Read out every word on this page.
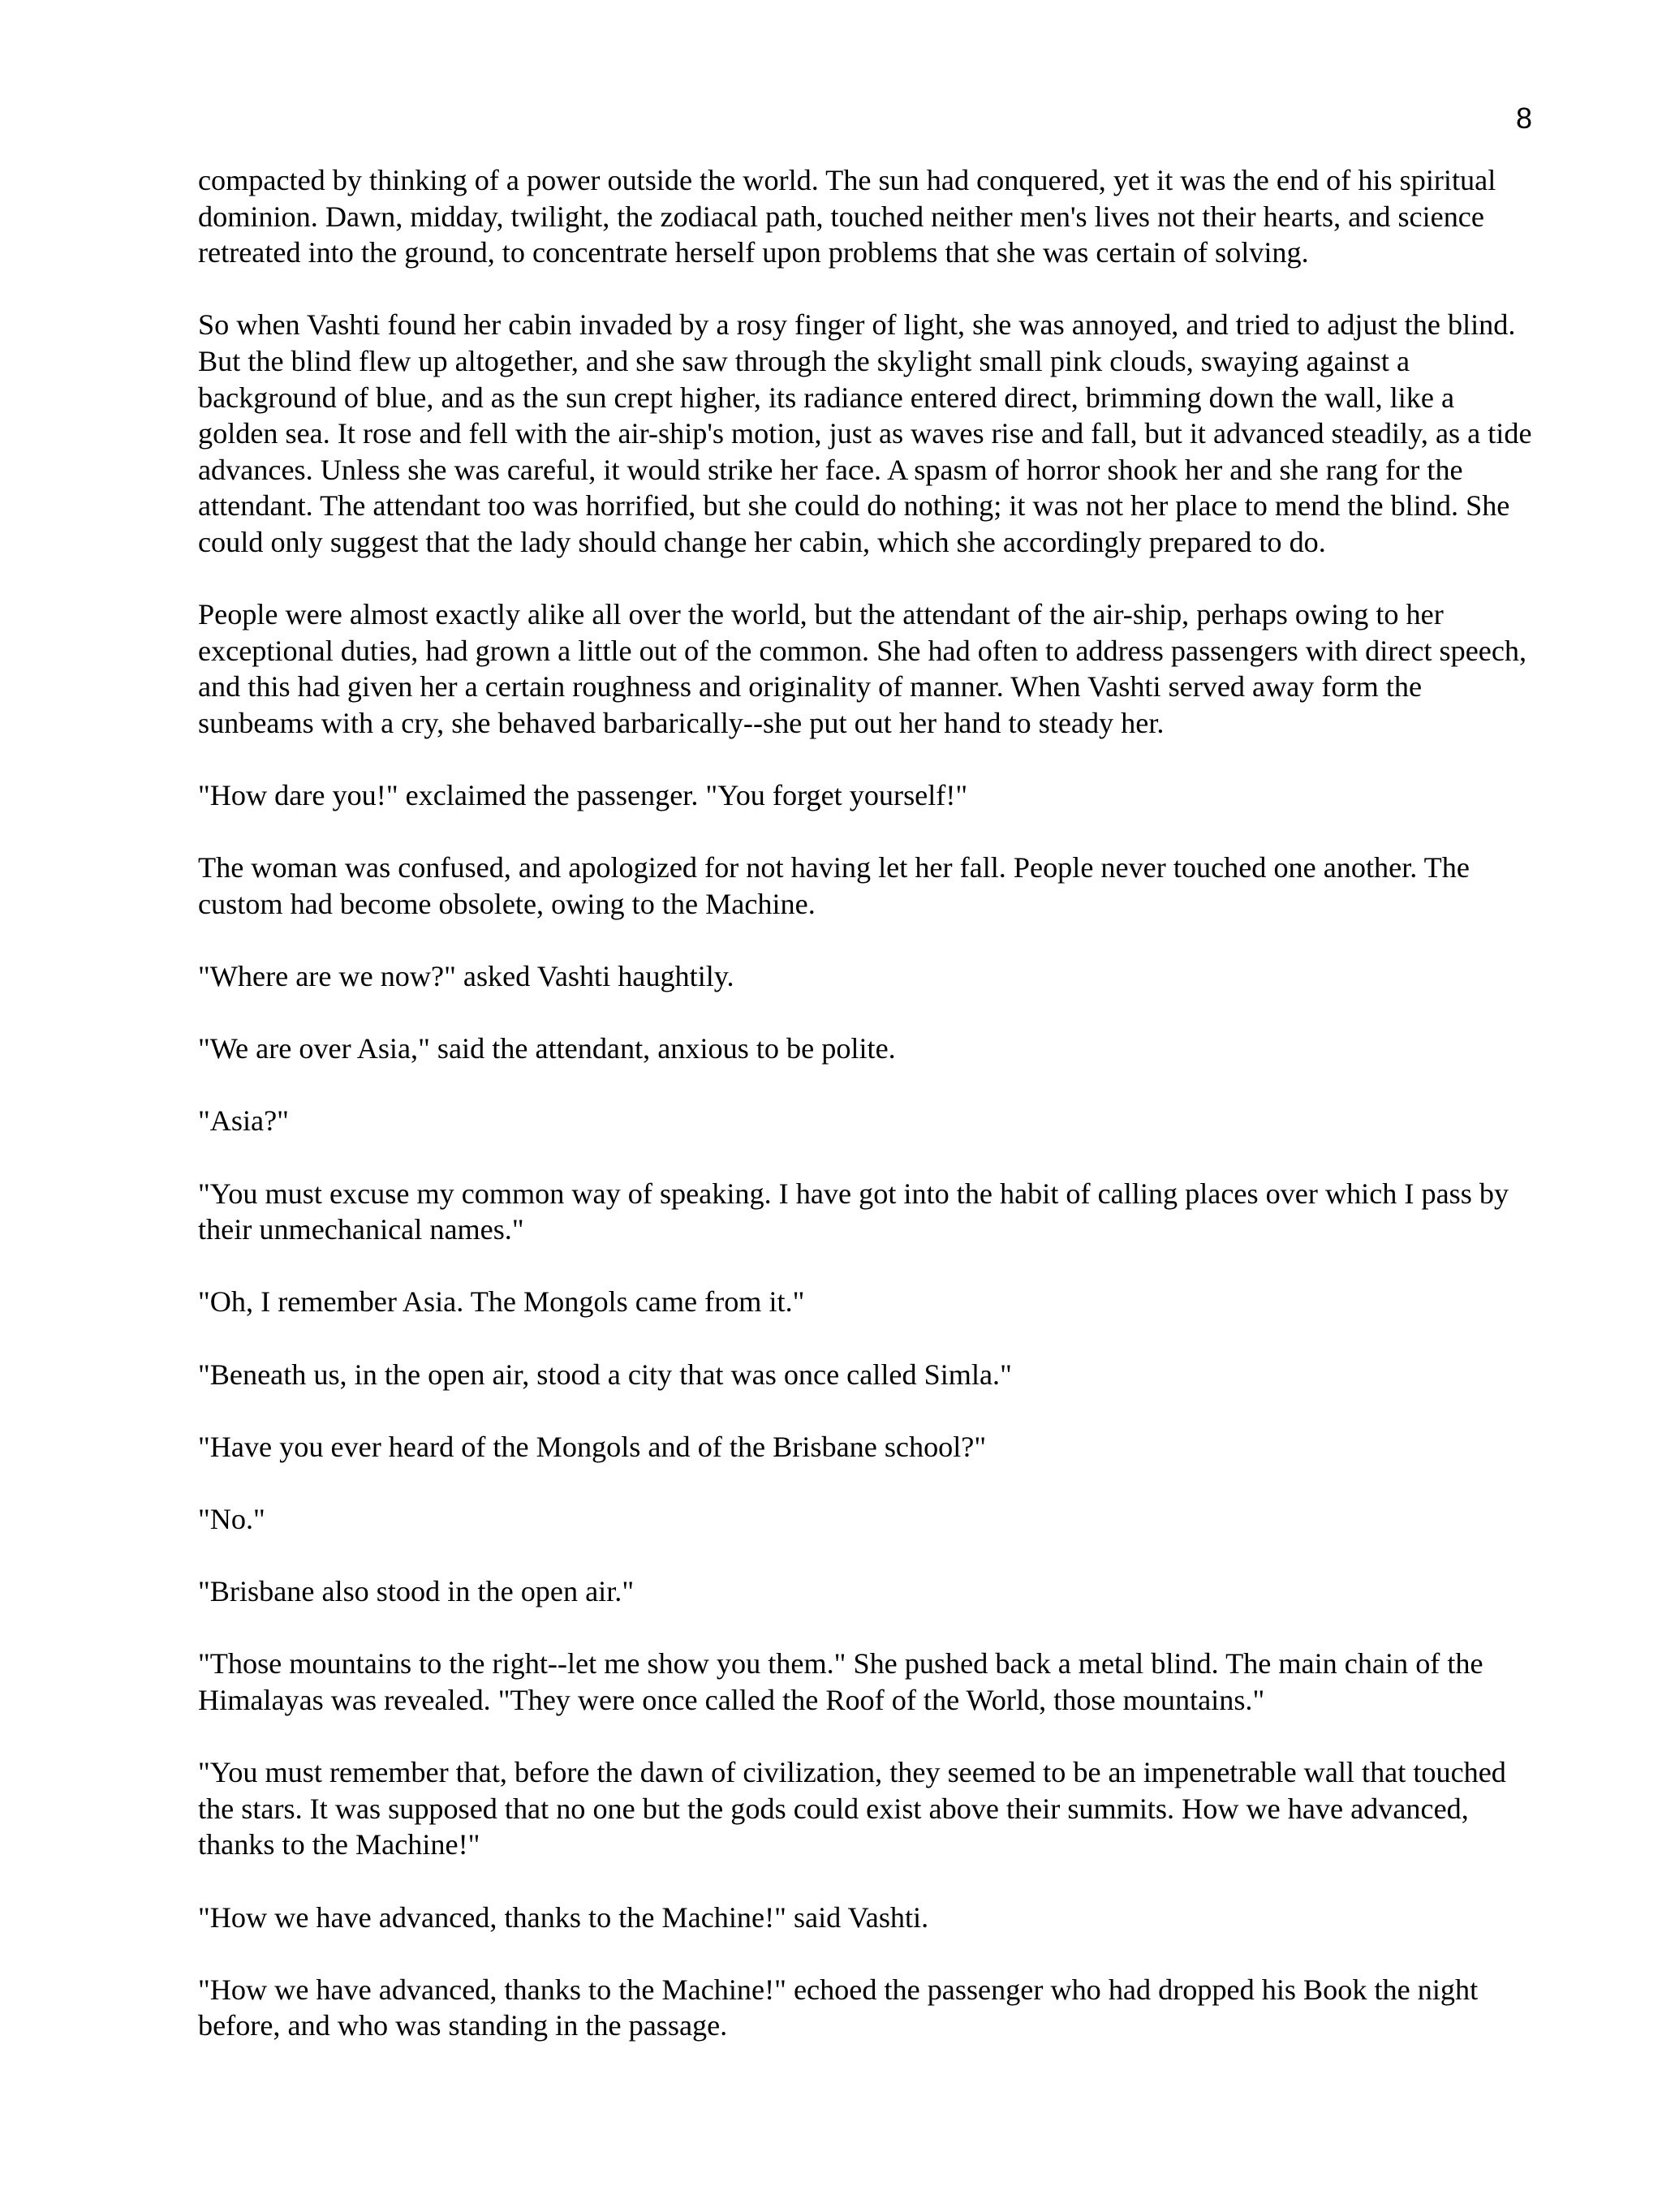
8

compacted by thinking of a power outside the world. The sun had conquered, yet it was the end of his spiritual dominion. Dawn, midday, twilight, the zodiacal path, touched neither men's lives not their hearts, and science retreated into the ground, to concentrate herself upon problems that she was certain of solving.

So when Vashti found her cabin invaded by a rosy finger of light, she was annoyed, and tried to adjust the blind. But the blind flew up altogether, and she saw through the skylight small pink clouds, swaying against a background of blue, and as the sun crept higher, its radiance entered direct, brimming down the wall, like a golden sea. It rose and fell with the air-ship's motion, just as waves rise and fall, but it advanced steadily, as a tide advances. Unless she was careful, it would strike her face. A spasm of horror shook her and she rang for the attendant. The attendant too was horrified, but she could do nothing; it was not her place to mend the blind. She could only suggest that the lady should change her cabin, which she accordingly prepared to do.

People were almost exactly alike all over the world, but the attendant of the air-ship, perhaps owing to her exceptional duties, had grown a little out of the common. She had often to address passengers with direct speech, and this had given her a certain roughness and originality of manner. When Vashti served away form the sunbeams with a cry, she behaved barbarically--she put out her hand to steady her.

"How dare you!" exclaimed the passenger. "You forget yourself!"

The woman was confused, and apologized for not having let her fall. People never touched one another. The custom had become obsolete, owing to the Machine.

"Where are we now?" asked Vashti haughtily.

"We are over Asia," said the attendant, anxious to be polite.

"Asia?"

"You must excuse my common way of speaking. I have got into the habit of calling places over which I pass by their unmechanical names."

"Oh, I remember Asia. The Mongols came from it."

"Beneath us, in the open air, stood a city that was once called Simla."

"Have you ever heard of the Mongols and of the Brisbane school?"

"No."

"Brisbane also stood in the open air."

"Those mountains to the right--let me show you them." She pushed back a metal blind. The main chain of the Himalayas was revealed. "They were once called the Roof of the World, those mountains."

"You must remember that, before the dawn of civilization, they seemed to be an impenetrable wall that touched the stars. It was supposed that no one but the gods could exist above their summits. How we have advanced, thanks to the Machine!"

"How we have advanced, thanks to the Machine!" said Vashti.

"How we have advanced, thanks to the Machine!" echoed the passenger who had dropped his Book the night before, and who was standing in the passage.
